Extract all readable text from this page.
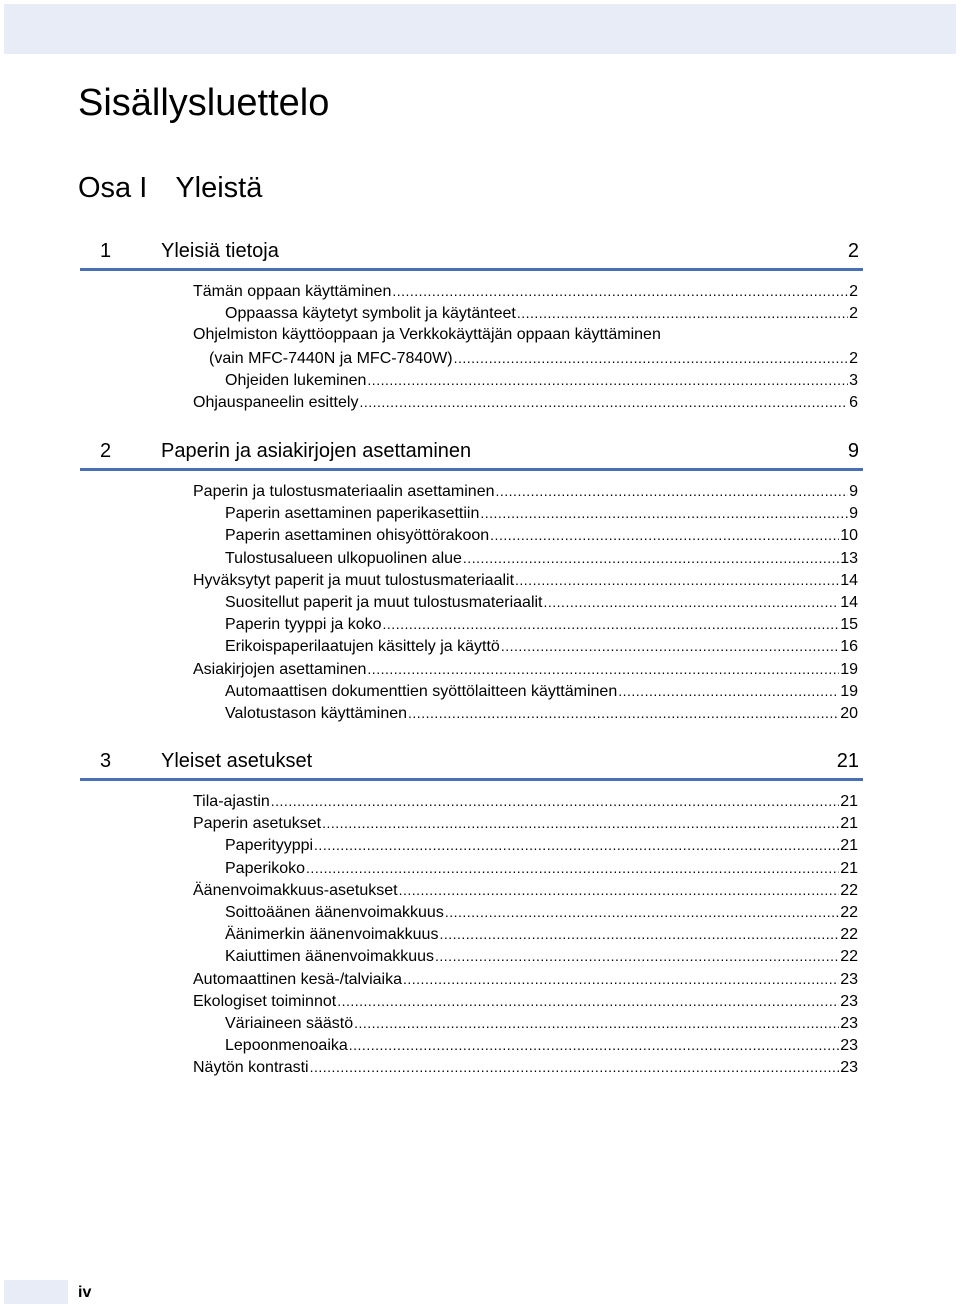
Sisällysluettelo
Osa I Yleistä
1 Yleisiä tietoja	2
Tämän oppaan käyttäminen .....	2
Oppaassa käytetyt symbolit ja käytänteet .....	2
Ohjelmiston käyttöoppaan ja Verkkokäyttäjän oppaan käyttäminen
(vain MFC-7440N ja MFC-7840W) .....	2
Ohjeiden lukeminen .....	3
Ohjauspaneelin esittely .....	6
2 Paperin ja asiakirjojen asettaminen	9
Paperin ja tulostusmateriaalin asettaminen .....	9
Paperin asettaminen paperikasettiin .....	9
Paperin asettaminen ohisyöttörakoon .....	10
Tulostusalueen ulkopuolinen alue .....	13
Hyväksytyt paperit ja muut tulostusmateriaalit .....	14
Suositellut paperit ja muut tulostusmateriaalit .....	14
Paperin tyyppi ja koko .....	15
Erikoispaperilaatujen käsittely ja käyttö .....	16
Asiakirjojen asettaminen .....	19
Automaattisen dokumenttien syöttölaitteen käyttäminen .....	19
Valotustason käyttäminen .....	20
3 Yleiset asetukset	21
Tila-ajastin .....	21
Paperin asetukset .....	21
Paperityyppi .....	21
Paperikoko .....	21
Äänenvoimakkuus-asetukset .....	22
Soittoäänen äänenvoimakkuus .....	22
Äänimerkin äänenvoimakkuus .....	22
Kaiuttimen äänenvoimakkuus .....	22
Automaattinen kesä-/talviaika .....	23
Ekologiset toiminnot .....	23
Väriaineen säästö .....	23
Lepoonmenoaika .....	23
Näytön kontrasti .....	23
iv
